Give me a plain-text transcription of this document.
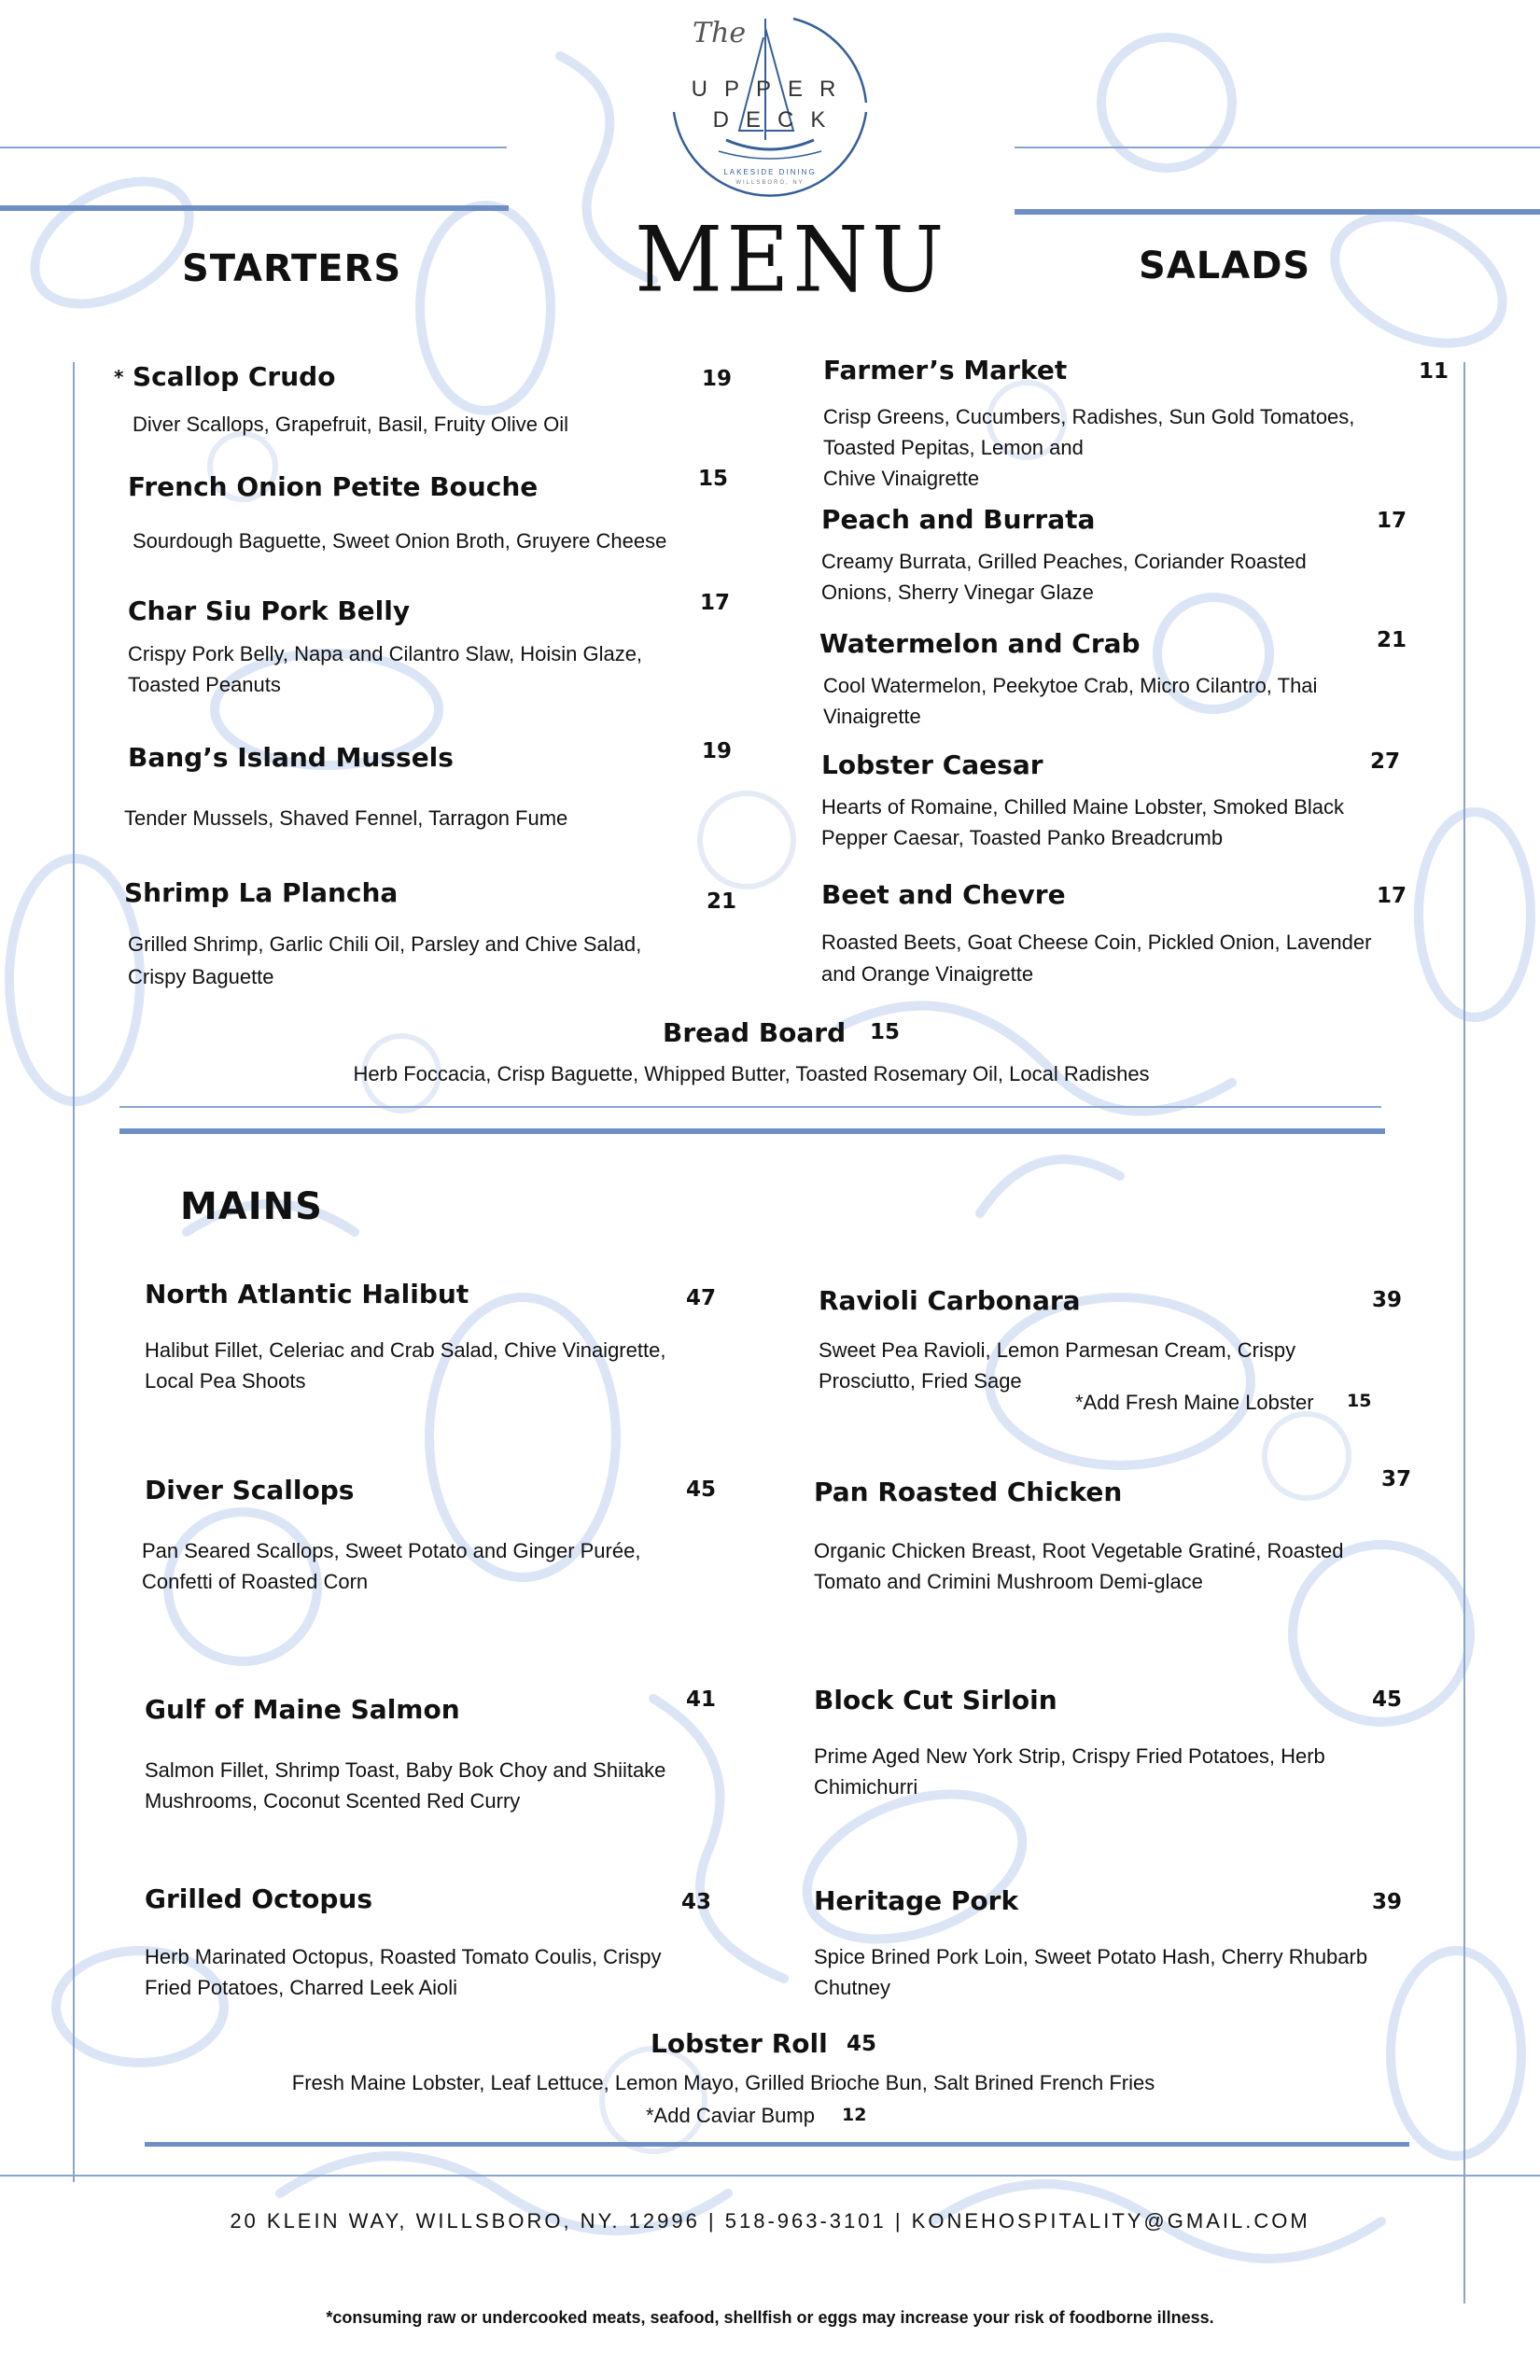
The
UPPER
DECK
LAKESIDE DINING
WILLSBORO, NY
MENU
STARTERS	SALADS
MAINS
* Scallop Crudo	19
Diver Scallops, Grapefruit, Basil, Fruity Olive Oil
French Onion Petite Bouche	15
Sourdough Baguette, Sweet Onion Broth, Gruyere Cheese
Char Siu Pork Belly	17
Crispy Pork Belly, Napa and Cilantro Slaw, Hoisin Glaze,
Toasted Peanuts
Bang’s Island Mussels	19
Tender Mussels, Shaved Fennel, Tarragon Fume
Shrimp La Plancha	21
Grilled Shrimp, Garlic Chili Oil, Parsley and Chive Salad,
Crispy Baguette
Farmer’s Market	11
Crisp Greens, Cucumbers, Radishes, Sun Gold Tomatoes,
Toasted Pepitas, Lemon and
Chive Vinaigrette
Peach and Burrata	17
Creamy Burrata, Grilled Peaches, Coriander Roasted
Onions, Sherry Vinegar Glaze
Watermelon and Crab	21
Cool Watermelon, Peekytoe Crab, Micro Cilantro, Thai
Vinaigrette
Lobster Caesar	27
Hearts of Romaine, Chilled Maine Lobster, Smoked Black
Pepper Caesar, Toasted Panko Breadcrumb
Beet and Chevre	17
Roasted Beets, Goat Cheese Coin, Pickled Onion, Lavender
and Orange Vinaigrette
Bread Board 15
Herb Foccacia, Crisp Baguette, Whipped Butter, Toasted Rosemary Oil, Local Radishes
North Atlantic Halibut	47
Halibut Fillet, Celeriac and Crab Salad, Chive Vinaigrette,
Local Pea Shoots
Diver Scallops	45
Pan Seared Scallops, Sweet Potato and Ginger Purée,
Confetti of Roasted Corn
Gulf of Maine Salmon	41
Salmon Fillet, Shrimp Toast, Baby Bok Choy and Shiitake
Mushrooms, Coconut Scented Red Curry
Grilled Octopus	43
Herb Marinated Octopus, Roasted Tomato Coulis, Crispy
Fried Potatoes, Charred Leek Aioli
Ravioli Carbonara	39
Sweet Pea Ravioli, Lemon Parmesan Cream, Crispy
Prosciutto, Fried Sage
*Add Fresh Maine Lobster 15
Pan Roasted Chicken	37
Organic Chicken Breast, Root Vegetable Gratiné, Roasted
Tomato and Crimini Mushroom Demi-glace
Block Cut Sirloin	45
Prime Aged New York Strip, Crispy Fried Potatoes, Herb
Chimichurri
Heritage Pork	39
Spice Brined Pork Loin, Sweet Potato Hash, Cherry Rhubarb
Chutney
Lobster Roll 45
Fresh Maine Lobster, Leaf Lettuce, Lemon Mayo, Grilled Brioche Bun, Salt Brined French Fries
*Add Caviar Bump 12
20 KLEIN WAY, WILLSBORO, NY. 12996 | 518-963-3101 | KONEHOSPITALITY@GMAIL.COM
*consuming raw or undercooked meats, seafood, shellfish or eggs may increase your risk of foodborne illness.
